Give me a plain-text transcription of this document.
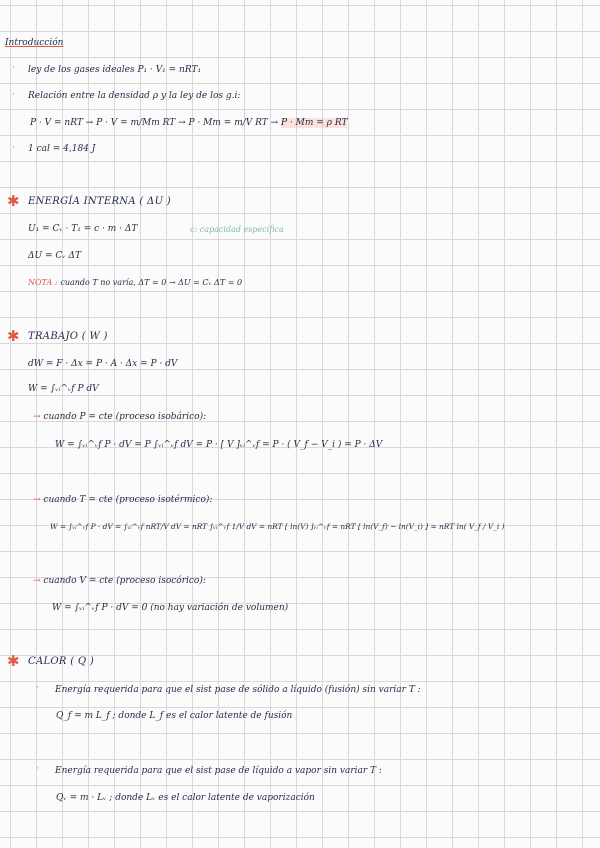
Introducción
· ley de los gases ideales P₁ · V₁ = nRT₁
· Relación entre la densidad ρ y la ley de los g.i:
P · V = nRT → P · V = m/Mm RT → P · Mm = m/V RT → P · Mm = ρ RT
· 1 cal = 4,184 J
✱ ENERGÍA INTERNA ( ΔU )
U₁ = Cᵥ · T₁ = c · m · ΔT	c: capacidad específica
ΔU = Cᵥ ΔT
NOTA : cuando T no varía, ΔT = 0 → ΔU = Cᵥ ΔT = 0
✱ TRABAJO ( W )
dW = F · Δx = P · A · Δx = P · dV
W = ∫ᵥᵢ^ᵥf P dV
→ cuando P = cte (proceso isobárico):
W = ∫ᵥᵢ^ᵥf P · dV = P ∫ᵥᵢ^ᵥf dV = P · [ V ]ᵥᵢ^ᵥf = P · ( V_f − V_i ) = P · ΔV
→ cuando T = cte (proceso isotérmico):
W = ∫ᵥᵢ^ᵥf P · dV = ∫ᵥᵢ^ᵥf nRT/V dV = nRT ∫ᵥᵢ^ᵥf 1/V dV = nRT [ ln(V) ]ᵥᵢ^ᵥf = nRT [ ln(V_f) − ln(V_i) ] = nRT ln( V_f / V_i )
→ cuando V = cte (proceso isocórico):
W = ∫ᵥᵢ^ᵥf P · dV = 0 (no hay variación de volumen)
✱ CALOR ( Q )
· Energía requerida para que el sist pase de sólido a líquido (fusión) sin variar T :
Q_f = m L_f ; donde L_f es el calor latente de fusión
· Energía requerida para que el sist pase de líquido a vapor sin variar T :
Qᵥ = m · Lᵥ ; donde Lᵥ es el calor latente de vaporización
